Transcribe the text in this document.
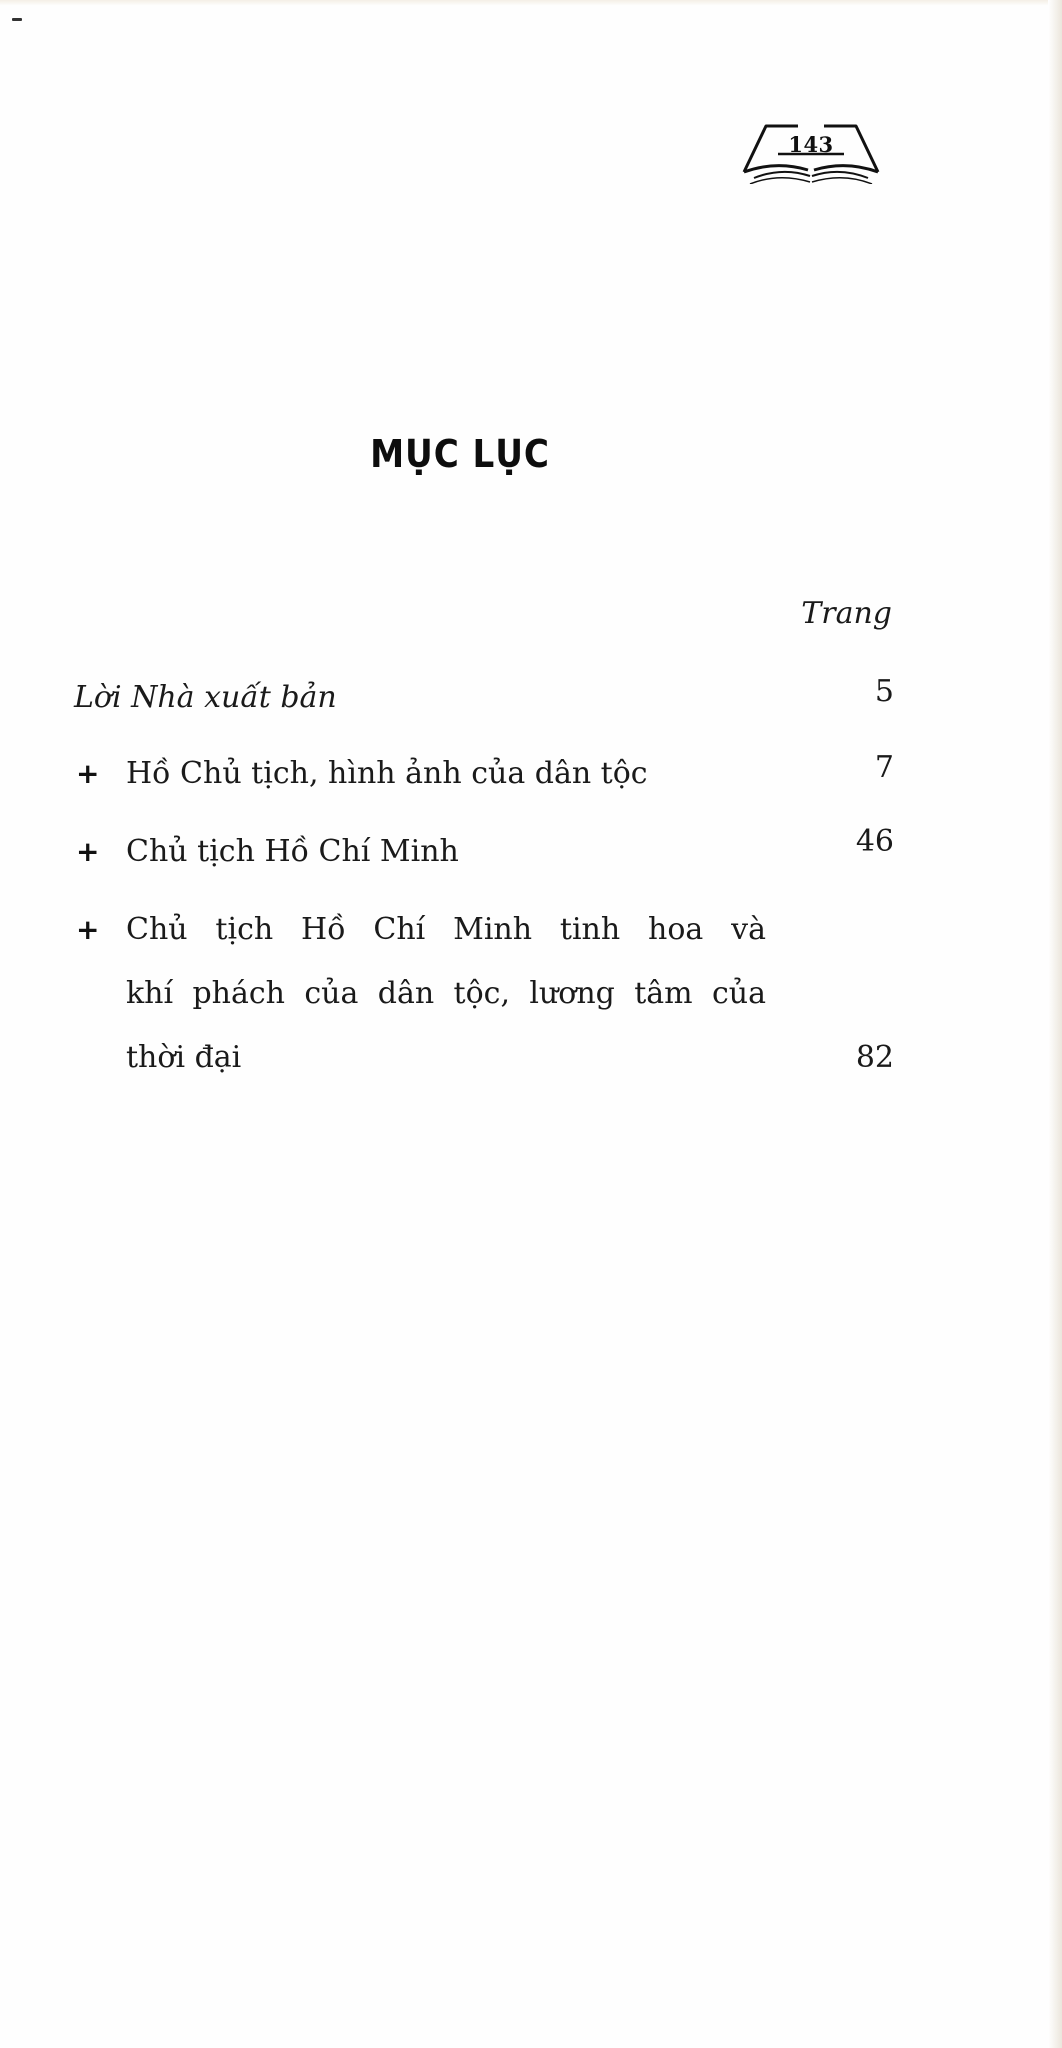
143
MỤC LỤC
Trang
Lời Nhà xuất bản	5
+ Hồ Chủ tịch, hình ảnh của dân tộc	7
+ Chủ tịch Hồ Chí Minh	46
+ Chủ tịch Hồ Chí Minh tinh hoa và
khí phách của dân tộc, lương tâm của
thời đại	82
